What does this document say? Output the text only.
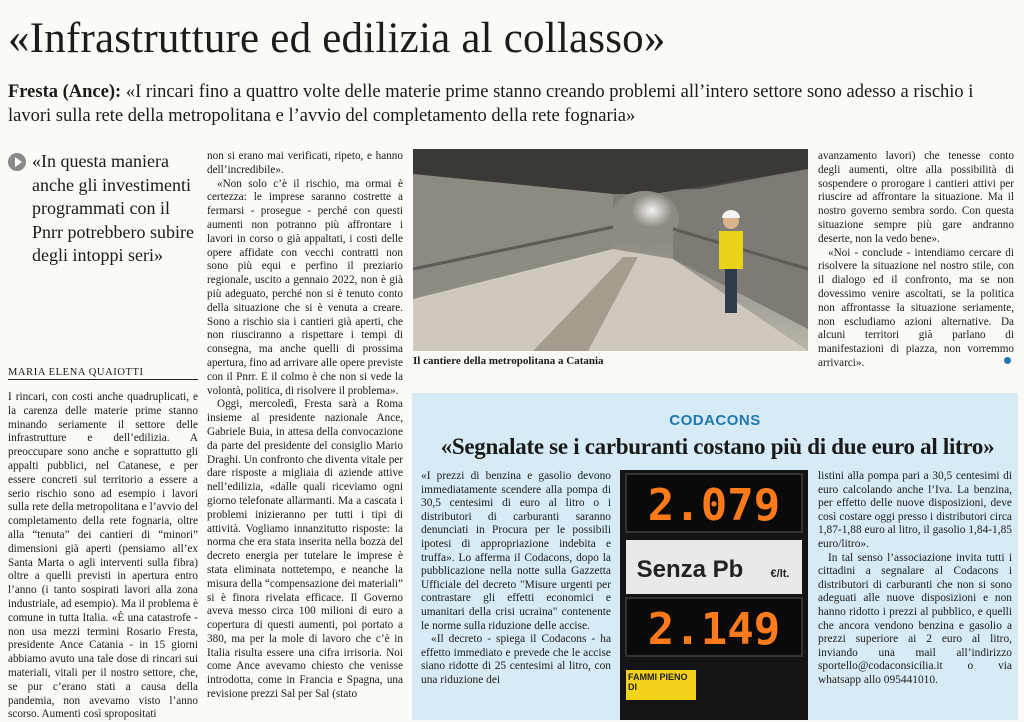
«Infrastrutture ed edilizia al collasso»
Fresta (Ance): «I rincari fino a quattro volte delle materie prime stanno creando problemi all’intero settore sono adesso a rischio i lavori sulla rete della metropolitana e l’avvio del completamento della rete fognaria»
«In questa maniera anche gli investimenti programmati con il Pnrr potrebbero subire degli intoppi seri»
MARIA ELENA QUAIOTTI

I rincari, con costi anche quadruplicati, e la carenza delle materie prime stanno minando seriamente il settore delle infrastrutture e dell’edilizia. A preoccupare sono anche e soprattutto gli appalti pubblici, nel Catanese, e per essere concreti sul territorio a essere a serio rischio sono ad esempio i lavori sulla rete della metropolitana e l’avvio del completamento della rete fognaria, oltre alla “tenuta” dei cantieri di “minori” dimensioni già aperti (pensiamo all’ex Santa Marta o agli interventi sulla fibra) oltre a quelli previsti in apertura entro l’anno (i tanto sospirati lavori alla zona industriale, ad esempio). Ma il problema è comune in tutta Italia. «È una catastrofe - non usa mezzi termini Rosario Fresta, presidente Ance Catania - in 15 giorni abbiamo avuto una tale dose di rincari sui materiali, vitali per il nostro settore, che, se pur c’erano stati a causa della pandemia, non avevamo visto l’anno scorso. Aumenti così spropositati

non si erano mai verificati, ripeto, e hanno dell’incredibile».

«Non solo c’è il rischio, ma ormai è certezza: le imprese saranno costrette a fermarsi - prosegue - perché con questi aumenti non potranno più affrontare i lavori in corso o già appaltati, i costi delle opere affidate con vecchi contratti non sono più equi e perfino il preziario regionale, uscito a gennaio 2022, non è già più adeguato, perché non si è tenuto conto della situazione che si è venuta a creare. Sono a rischio sia i cantieri già aperti, che non riusciranno a rispettare i tempi di consegna, ma anche quelli di prossima apertura, fino ad arrivare alle opere previste con il Pnrr. E il colmo è che non si vede la volontà, politica, di risolvere il problema».

Oggi, mercoledì, Fresta sarà a Roma insieme al presidente nazionale Ance, Gabriele Buia, in attesa della convocazione da parte del presidente del consiglio Mario Draghi. Un confronto che diventa vitale per dare risposte a migliaia di aziende attive nell’edilizia, «dalle quali riceviamo ogni giorno telefonate allarmanti. Ma a cascata i problemi inizieranno per tutti i tipi di attività. Vogliamo innanzitutto risposte: la norma che era stata inserita nella bozza del decreto energia per tutelare le imprese è stata eliminata nottetempo, e neanche la misura della “compensazione dei materiali” si è finora rivelata efficace. Il Governo aveva messo circa 100 milioni di euro a copertura di questi aumenti, poi portato a 380, ma per la mole di lavoro che c’è in Italia risulta essere una cifra irrisoria. Noi come Ance avevamo chiesto che venisse introdotta, come in Francia e Spagna, una revisione prezzi Sal per Sal (stato

Il cantiere della metropolitana a Catania

avanzamento lavori) che tenesse conto degli aumenti, oltre alla possibilità di sospendere o prorogare i cantieri attivi per riuscire ad affrontare la situazione. Ma il nostro governo sembra sordo. Con questa situazione sempre più gare andranno deserte, non la vedo bene».

«Noi - conclude - intendiamo cercare di risolvere la situazione nel nostro stile, con il dialogo ed il confronto, ma se non dovessimo venire ascoltati, se la politica non affrontasse la situazione seriamente, non escludiamo azioni alternative. Da alcuni territori già parlano di manifestazioni di piazza, non vorremmo arrivarci».

CODACONS
«Segnalate se i carburanti costano più di due euro al litro»

«I prezzi di benzina e gasolio devono immediatamente scendere alla pompa di 30,5 centesimi di euro al litro o i distributori di carburanti saranno denunciati in Procura per le possibili ipotesi di appropriazione indebita e truffa». Lo afferma il Codacons, dopo la pubblicazione nella notte sulla Gazzetta Ufficiale del decreto "Misure urgenti per contrastare gli effetti economici e umanitari della crisi ucraina" contenente le norme sulla riduzione delle accise.

«Il decreto - spiega il Codacons - ha effetto immediato e prevede che le accise siano ridotte di 25 centesimi al litro, con una riduzione dei

listini alla pompa pari a 30,5 centesimi di euro calcolando anche l’Iva. La benzina, per effetto delle nuove disposizioni, deve così costare oggi presso i distributori circa 1,87-1,88 euro al litro, il gasolio 1,84-1,85 euro/litro».

In tal senso l’associazione invita tutti i cittadini a segnalare al Codacons i distributori di carburanti che non si sono adeguati alle nuove disposizioni e non hanno ridotto i prezzi al pubblico, e quelli che ancora vendono benzina e gasolio a prezzi superiore ai 2 euro al litro, inviando una mail all’indirizzo sportello@codaconsicilia.it o via whatsapp allo 095441010.

2.079
Senza Pb €/lt.
2.149
FAMMI PIENO DI
